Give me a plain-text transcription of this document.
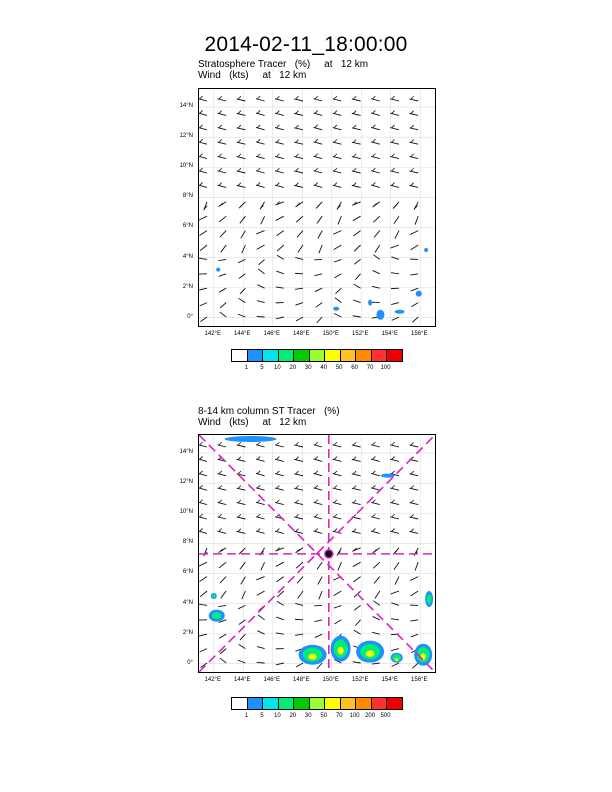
2014-02-11_18:00:00
Stratosphere Tracer   (%)     at   12 km
Wind   (kts)     at   12 km
14°N
12°N
10°N
8°N
6°N
4°N
2°N
0°
142°E	144°E	146°E	148°E	150°E	152°E	154°E	156°E
1	5	10	20	30	40	50	60	70	100
8-14 km column ST Tracer   (%)
Wind   (kts)     at   12 km
14°N
12°N
10°N
8°N
6°N
4°N
2°N
0°
142°E	144°E	146°E	148°E	150°E	152°E	154°E	156°E
1	5	10	20	30	50	70	100 200 500
